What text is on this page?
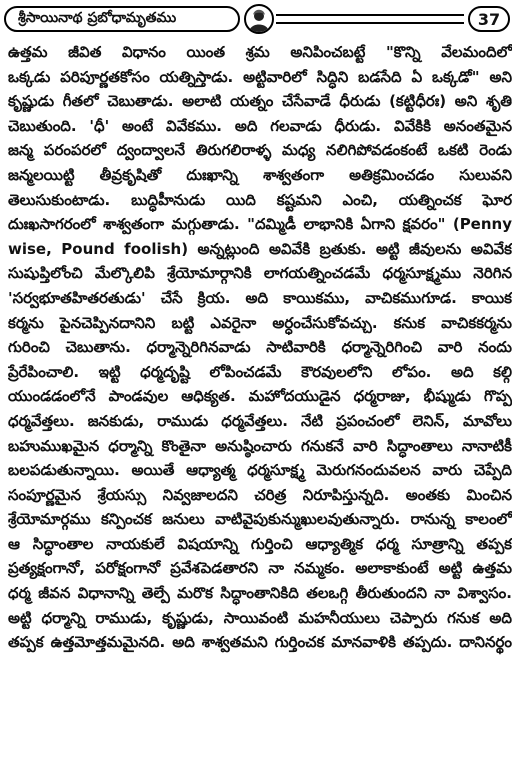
శ్రీసాయినాథ ప్రబోధామృతము	37
ఉత్తమ జీవిత విధానం యింత శ్రమ అనిపించబట్టే "కొన్ని వేలమందిలో
ఒక్కడు పరిపూర్ణతకోసం యత్నిస్తాడు. అట్టివారిలో సిద్ధిని బడసేది ఏ ఒక్కడో" అని
కృష్ణుడు గీతలో చెబుతాడు. అలాటి యత్నం చేసేవాడే ధీరుడు (కట్టిధీరః) అని శృతి
చెబుతుంది. 'ధీ' అంటే వివేకము. అది గలవాడు ధీరుడు. వివేకికి అనంతమైన
జన్మ పరంపరలో ద్వంద్వాలనే తిరుగలిరాళ్ళ మధ్య నలిగిపోవడంకంటే ఒకటి రెండు
జన్మలయిట్టి తీవ్రకృషితో దుఃఖాన్ని శాశ్వతంగా అతిక్రమించడం సులువని
తెలుసుకుంటాడు. బుద్ధిహీనుడు యిది కష్టమని ఎంచి, యత్నించక ఘోర
దుఃఖసాగరంలో శాశ్వతంగా మగ్గుతాడు. "దమ్మిడీ లాభానికి ఏగాని క్షవరం" (Penny
wise, Pound foolish) అన్నట్లుంది అవివేకి బ్రతుకు. అట్టి జీవులను అవివేక
సుషుప్తిలోంచి మేల్కొలిపి శ్రేయోమార్గానికి లాగయత్నించడమే ధర్మసూక్ష్మము నెరిగిన
'సర్వభూతహితరతుడు' చేసే క్రియ. అది కాయికము, వాచికముగూడ. కాయిక
కర్మను పైనచెప్పినదానిని బట్టి ఎవరైనా అర్ధంచేసుకోవచ్చు. కనుక వాచికకర్మను
గురించి చెబుతాను. ధర్మాన్నెరిగినవాడు సాటివారికి ధర్మాన్నెరిగించి వారి నందు
ప్రేరేపించాలి. ఇట్టి ధర్మదృష్టి లోపించడమే కౌరవులలోని లోపం. అది కల్గి
యుండడంలోనే పాండవుల ఆధిక్యత. మహోదయుడైన ధర్మరాజు, భీష్ముడు గొప్ప
ధర్మవేత్తలు. జనకుడు, రాముడు ధర్మవేత్తలు. నేటి ప్రపంచంలో లెనిన్, మావోలు
బహుముఖమైన ధర్మాన్ని కొంతైనా అనుష్ఠించారు గనుకనే వారి సిద్ధాంతాలు నానాటికీ
బలపడుతున్నాయి. అయితే ఆధ్యాత్మ ధర్మసూక్ష్మ మెరుగనందువలన వారు చెప్పేది
సంపూర్ణమైన శ్రేయస్సు నివ్వజాలదని చరిత్ర నిరూపిస్తున్నది. అంతకు మించిన
శ్రేయోమార్గము కన్పించక జనులు వాటివైపుకున్ముఖులవుతున్నారు. రానున్న కాలంలో
ఆ సిద్ధాంతాల నాయకులే విషయాన్ని గుర్తించి ఆధ్యాత్మిక ధర్మ సూత్రాన్ని తప్పక
ప్రత్యక్షంగానో, పరోక్షంగానో ప్రవేశపెడతారని నా నమ్మకం. అలాకాకుంటే అట్టి ఉత్తమ
ధర్మ జీవన విధానాన్ని తెల్పే మరొక సిద్ధాంతానికిది తలఒగ్గి తీరుతుందని నా విశ్వాసం.
అట్టి ధర్మాన్ని రాముడు, కృష్ణుడు, సాయివంటి మహనీయులు చెప్పారు గనుక అది
తప్పక ఉత్తమోత్తమమైనది. అది శాశ్వతమని గుర్తించక మానవాళికి తప్పదు. దానినర్థం
